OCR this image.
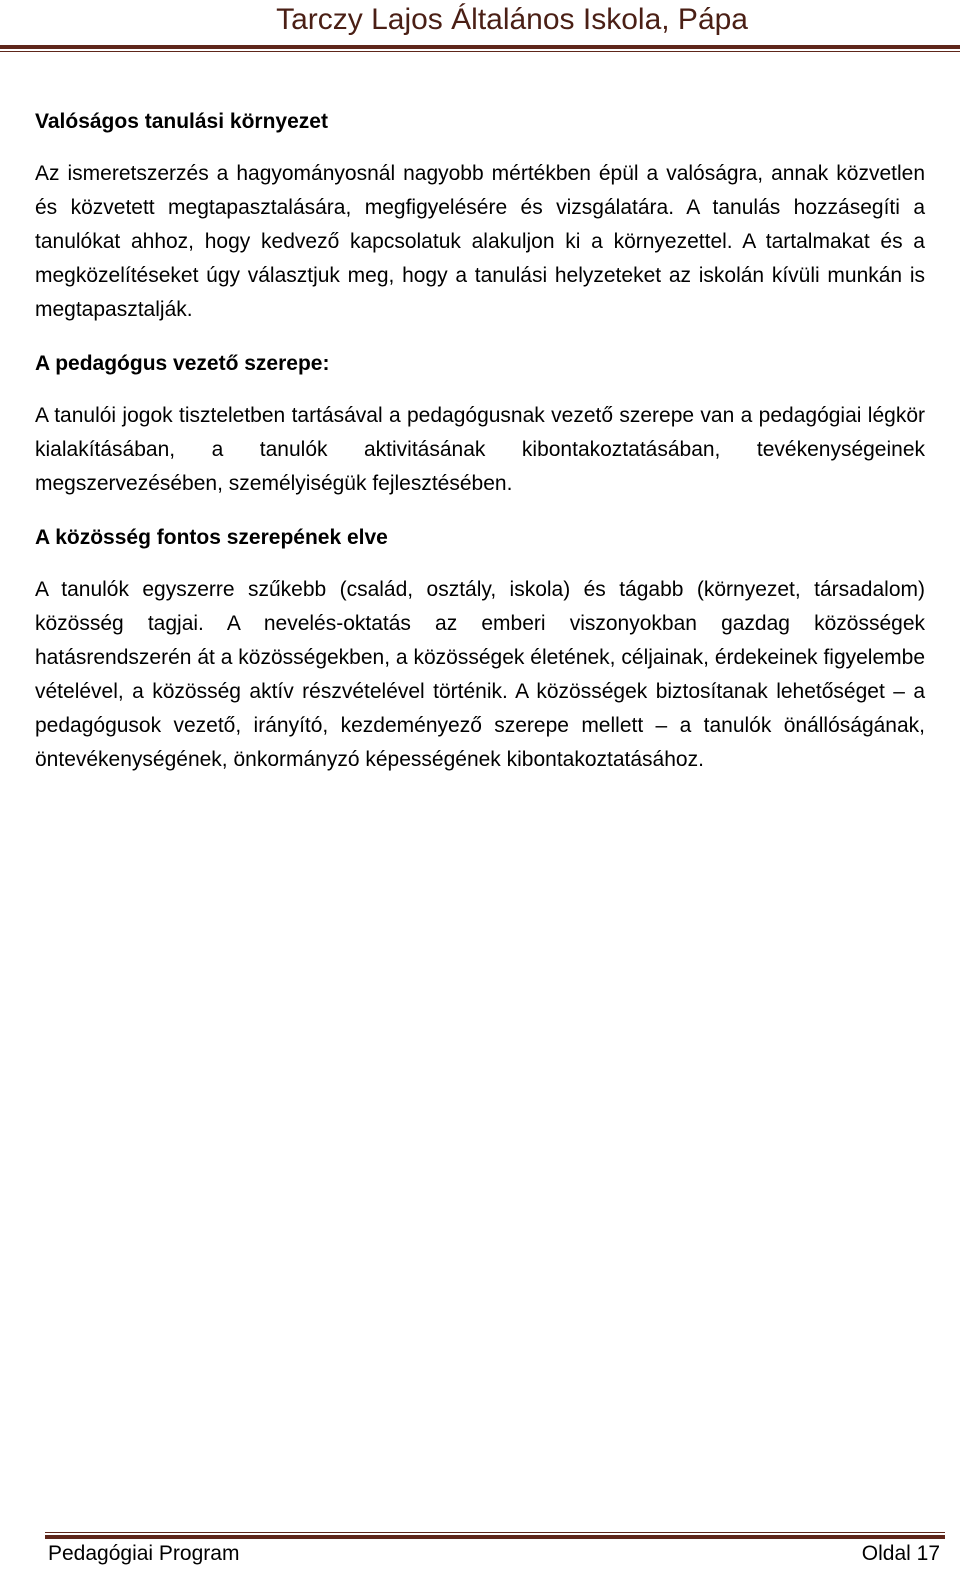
Tarczy Lajos Általános Iskola, Pápa
Valóságos tanulási környezet

Az ismeretszerzés a hagyományosnál nagyobb mértékben épül a valóságra, annak közvetlen és közvetett megtapasztalására, megfigyelésére és vizsgálatára. A tanulás hozzásegíti a tanulókat ahhoz, hogy kedvező kapcsolatuk alakuljon ki a környezettel. A tartalmakat és a megközelítéseket úgy választjuk meg, hogy a tanulási helyzeteket az iskolán kívüli munkán is megtapasztalják.

A pedagógus vezető szerepe:

A tanulói jogok tiszteletben tartásával a pedagógusnak vezető szerepe van a pedagógiai légkör kialakításában, a tanulók aktivitásának kibontakoztatásában, tevékenységeinek megszervezésében, személyiségük fejlesztésében.

A közösség fontos szerepének elve

A tanulók egyszerre szűkebb (család, osztály, iskola) és tágabb (környezet, társadalom) közösség tagjai. A nevelés-oktatás az emberi viszonyokban gazdag közösségek hatásrendszerén át a közösségekben, a közösségek életének, céljainak, érdekeinek figyelembe vételével, a közösség aktív részvételével történik. A közösségek biztosítanak lehetőséget – a pedagógusok vezető, irányító, kezdeményező szerepe mellett – a tanulók önállóságának, öntevékenységének, önkormányzó képességének kibontakoztatásához.

Pedagógiai Program	Oldal 17
